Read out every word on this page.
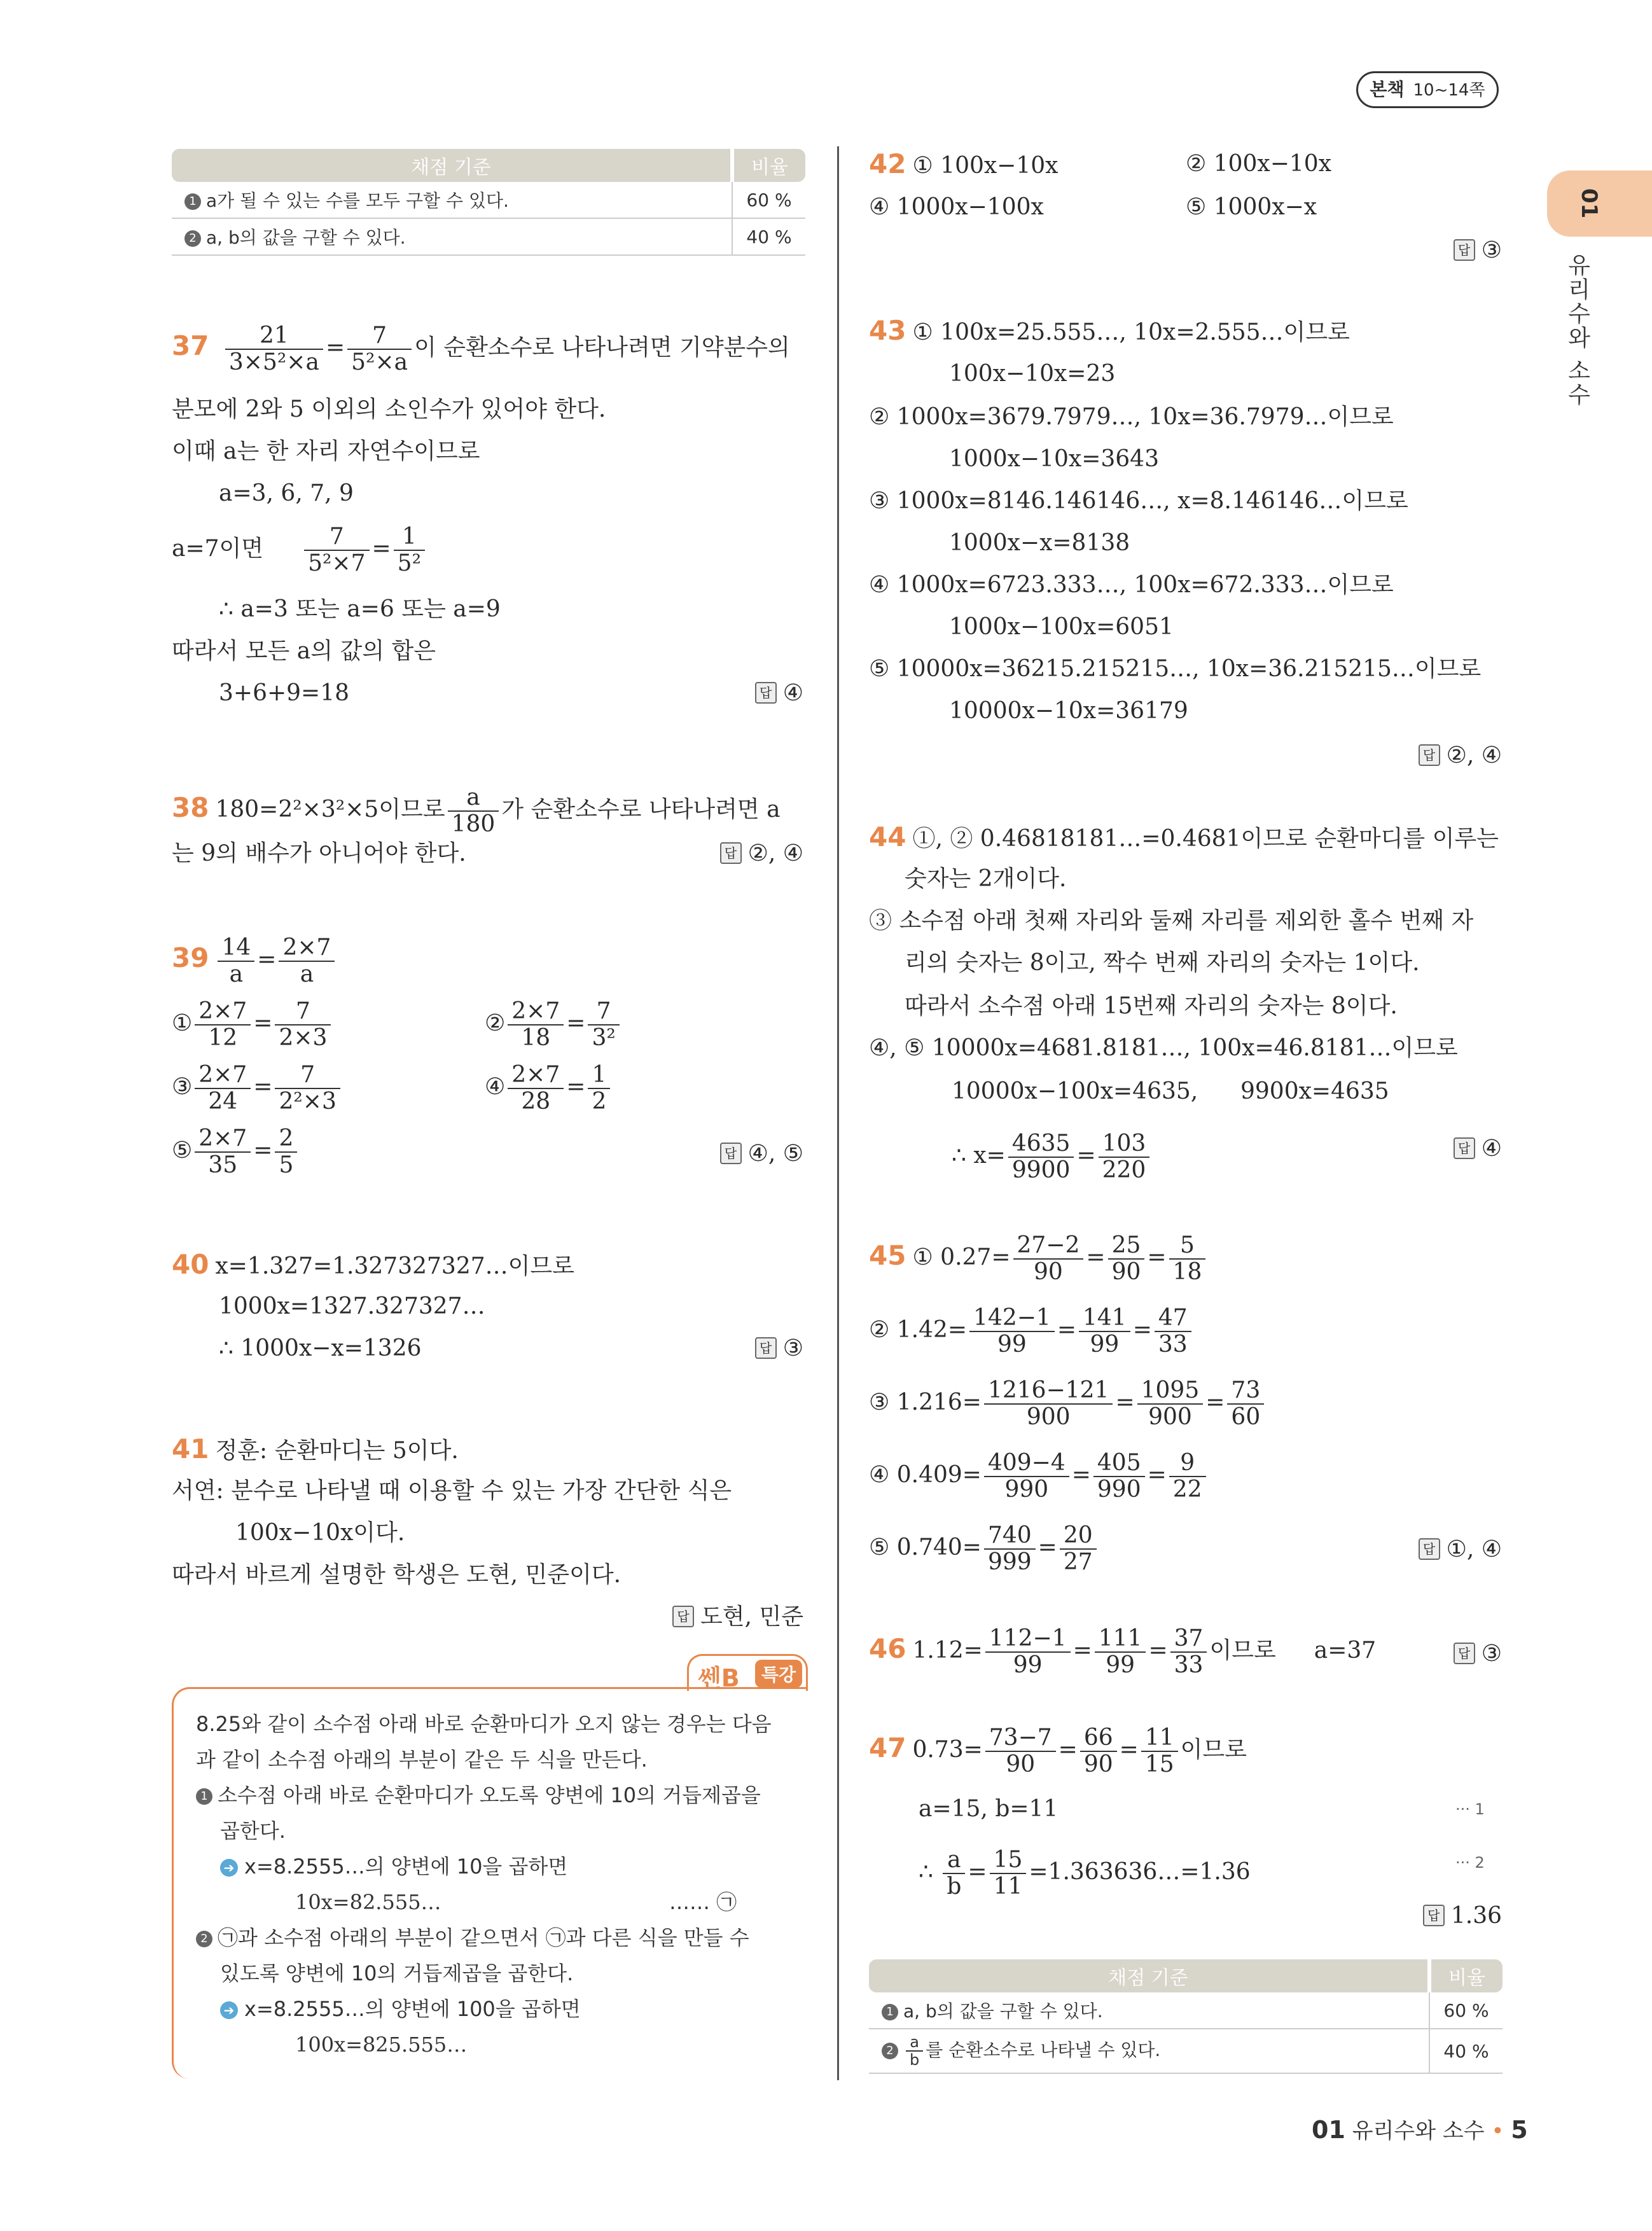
본책 10~14쪽
01
유리수와 소수
채점 기준	비율
1 a가 될 수 있는 수를 모두 구할 수 있다.	60 %
2 a, b의 값을 구할 수 있다.	40 %
$37 \frac{21}{\text{3×5²×a}} = \frac{7}{\text{5²×a}}$ 이 순환소수로 나타나려면 기약분수의
분모에 2와 5 이외의 소인수가 있어야 한다.
이때 a는 한 자리 자연수이므로
a=3, 6, 7, 9
a=7이면 $\frac{7}{\text{5²×7}} = \frac{1}{\text{5²}}$
∴ a=3 또는 a=6 또는 a=9
따라서 모든 a의 값의 합은
3+6+9=18	답 ④
38 180=2²×3²×5이므로 $\frac{a}{180}$ 가 순환소수로 나타나려면 a
는 9의 배수가 아니어야 한다.	답 ②, ④
$39 \frac{14}{a} = \frac{2\times 7}{a}$
① $\frac{2\times 7}{12} = \frac{7}{2\times 3}$	② $\frac{2\times 7}{18} = \frac{7}{\text{3²}}$
③ $\frac{2\times 7}{24} = \frac{7}{\text{2²×3}}$	④ $\frac{2\times 7}{28} = \frac{1}{2}$
⑤ $\frac{2\times 7}{35} = \frac{2}{5}$	답 ④, ⑤
40 x=1.327=1.327327327…이므로
1000x=1327.327327…
∴ 1000x−x=1326	답 ③
41 정훈: 순환마디는 5이다.
서연: 분수로 나타낼 때 이용할 수 있는 가장 간단한 식은
100x−10x이다.
따라서 바르게 설명한 학생은 도현, 민준이다.
답 도현, 민준
쎈B	특강
8.25와 같이 소수점 아래 바로 순환마디가 오지 않는 경우는 다음
과 같이 소수점 아래의 부분이 같은 두 식을 만든다.
1 소수점 아래 바로 순환마디가 오도록 양변에 10의 거듭제곱을
곱한다.
➔ x=8.2555…의 양변에 10을 곱하면
10x=82.555…	…… ㉠
2 ㉠과 소수점 아래의 부분이 같으면서 ㉠과 다른 식을 만들 수
있도록 양변에 10의 거듭제곱을 곱한다.
➔ x=8.2555…의 양변에 100을 곱하면
100x=825.555…
42 ① 100x−10x	② 100x−10x
④ 1000x−100x	⑤ 1000x−x
답 ③
43 ① 100x=25.555…, 10x=2.555…이므로
100x−10x=23
② 1000x=3679.7979…, 10x=36.7979…이므로
1000x−10x=3643
③ 1000x=8146.146146…, x=8.146146…이므로
1000x−x=8138
④ 1000x=6723.333…, 100x=672.333…이므로
1000x−100x=6051
⑤ 10000x=36215.215215…, 10x=36.215215…이므로
10000x−10x=36179
답 ②, ④
44 ①, ② 0.46818181…=0.4681이므로 순환마디를 이루는
숫자는 2개이다.
③ 소수점 아래 첫째 자리와 둘째 자리를 제외한 홀수 번째 자
리의 숫자는 8이고, 짝수 번째 자리의 숫자는 1이다.
따라서 소수점 아래 15번째 자리의 숫자는 8이다.
④, ⑤ 10000x=4681.8181…, 100x=46.8181…이므로
10000x−100x=4635, 9900x=4635
∴ $x= \frac{4635}{9900} = \frac{103}{220}$	답 ④
45 ① $0.27= \frac{27-2}{90} = \frac{25}{90} = \frac{5}{18}$
② $1.42= \frac{142-1}{99} = \frac{141}{99} = \frac{47}{33}$
③ $1.216= \frac{1216-121}{900} = \frac{1095}{900} = \frac{73}{60}$
④ $0.409= \frac{409-4}{990} = \frac{405}{990} = \frac{9}{22}$
⑤ $0.740= \frac{740}{999} = \frac{20}{27}$	답 ①, ④
46 $1.12= \frac{112-1}{99} = \frac{111}{99} = \frac{37}{33}$ 이므로 a=37	답 ③
47 $0.73= \frac{73-7}{90} = \frac{66}{90} = \frac{11}{15}$ 이므로
a=15, b=11	··· 1
∴ $\frac{a}{b} = \frac{15}{11}$ =1.363636…=1.36	··· 2
답 1.36
채점 기준	비율
1 a, b의 값을 구할 수 있다.	60 %
$2 \frac{a}{b}$ 를 순환소수로 나타낼 수 있다.	40 %
01 유리수와 소수 • 5
